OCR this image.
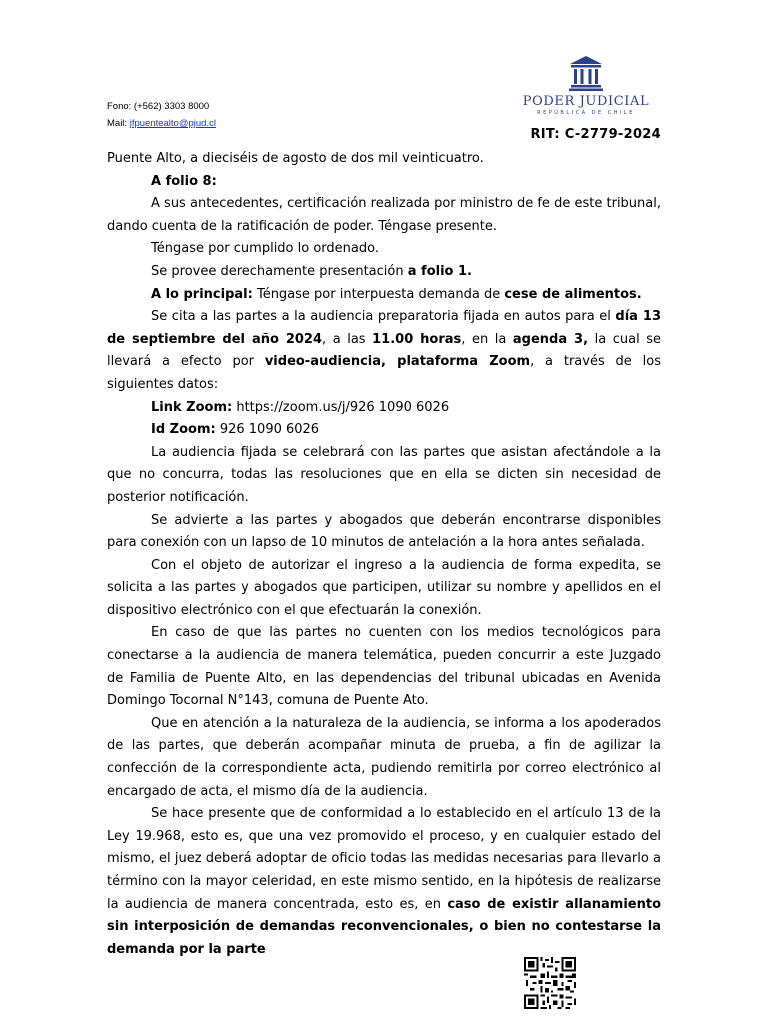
Fono: (+562) 3303 8000
Mail: jfpuentealto@pjud.cl
PODER JUDICIAL
REPÚBLICA DE CHILE
RIT: C-2779-2024

Puente Alto, a dieciséis de agosto de dos mil veinticuatro.

A folio 8:

A sus antecedentes, certificación realizada por ministro de fe de este tribunal, dando cuenta de la ratificación de poder. Téngase presente.

Téngase por cumplido lo ordenado.

Se provee derechamente presentación a folio 1.

A lo principal: Téngase por interpuesta demanda de cese de alimentos.

Se cita a las partes a la audiencia preparatoria fijada en autos para el día 13 de septiembre del año 2024, a las 11.00 horas, en la agenda 3, la cual se llevará a efecto por video-audiencia, plataforma Zoom, a través de los siguientes datos:

Link Zoom: https://zoom.us/j/926 1090 6026

Id Zoom: 926 1090 6026

La audiencia fijada se celebrará con las partes que asistan afectándole a la que no concurra, todas las resoluciones que en ella se dicten sin necesidad de posterior notificación.

Se advierte a las partes y abogados que deberán encontrarse disponibles para conexión con un lapso de 10 minutos de antelación a la hora antes señalada.

Con el objeto de autorizar el ingreso a la audiencia de forma expedita, se solicita a las partes y abogados que participen, utilizar su nombre y apellidos en el dispositivo electrónico con el que efectuarán la conexión.

En caso de que las partes no cuenten con los medios tecnológicos para conectarse a la audiencia de manera telemática, pueden concurrir a este Juzgado de Familia de Puente Alto, en las dependencias del tribunal ubicadas en Avenida Domingo Tocornal N°143, comuna de Puente Ato.

Que en atención a la naturaleza de la audiencia, se informa a los apoderados de las partes, que deberán acompañar minuta de prueba, a fin de agilizar la confección de la correspondiente acta, pudiendo remitirla por correo electrónico al encargado de acta, el mismo día de la audiencia.

Se hace presente que de conformidad a lo establecido en el artículo 13 de la Ley 19.968, esto es, que una vez promovido el proceso, y en cualquier estado del mismo, el juez deberá adoptar de oficio todas las medidas necesarias para llevarlo a término con la mayor celeridad, en este mismo sentido, en la hipótesis de realizarse la audiencia de manera concentrada, esto es, en caso de existir allanamiento sin interposición de demandas reconvencionales, o bien no contestarse la demanda por la parte
